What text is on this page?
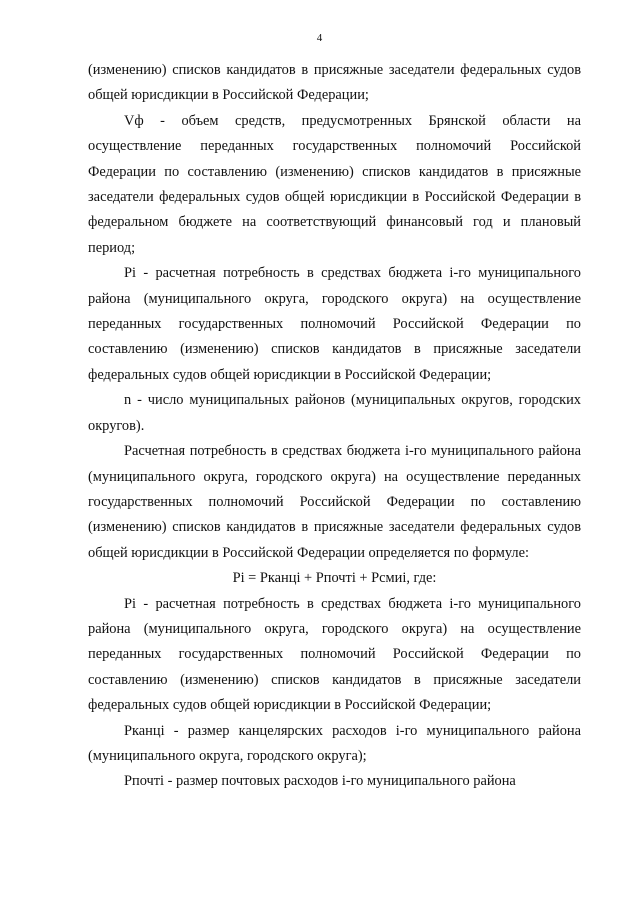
4

(изменению) списков кандидатов в присяжные заседатели федеральных судов общей юрисдикции в Российской Федерации;

Vф - объем средств, предусмотренных Брянской области на осуществление переданных государственных полномочий Российской Федерации по составлению (изменению) списков кандидатов в присяжные заседатели федеральных судов общей юрисдикции в Российской Федерации в федеральном бюджете на соответствующий финансовый год и плановый период;

Pi - расчетная потребность в средствах бюджета i-го муниципального района (муниципального округа, городского округа) на осуществление переданных государственных полномочий Российской Федерации по составлению (изменению) списков кандидатов в присяжные заседатели федеральных судов общей юрисдикции в Российской Федерации;

n - число муниципальных районов (муниципальных округов, городских округов).

Расчетная потребность в средствах бюджета i-го муниципального района (муниципального округа, городского округа) на осуществление переданных государственных полномочий Российской Федерации по составлению (изменению) списков кандидатов в присяжные заседатели федеральных судов общей юрисдикции в Российской Федерации определяется по формуле:

Pi = Рканцi + Pпочтi + Рсмиi, где:

Pi - расчетная потребность в средствах бюджета i-го муниципального района (муниципального округа, городского округа) на осуществление переданных государственных полномочий Российской Федерации по составлению (изменению) списков кандидатов в присяжные заседатели федеральных судов общей юрисдикции в Российской Федерации;

Рканцi - размер канцелярских расходов i-го муниципального района (муниципального округа, городского округа);

Рпочтi - размер почтовых расходов i-го муниципального района
